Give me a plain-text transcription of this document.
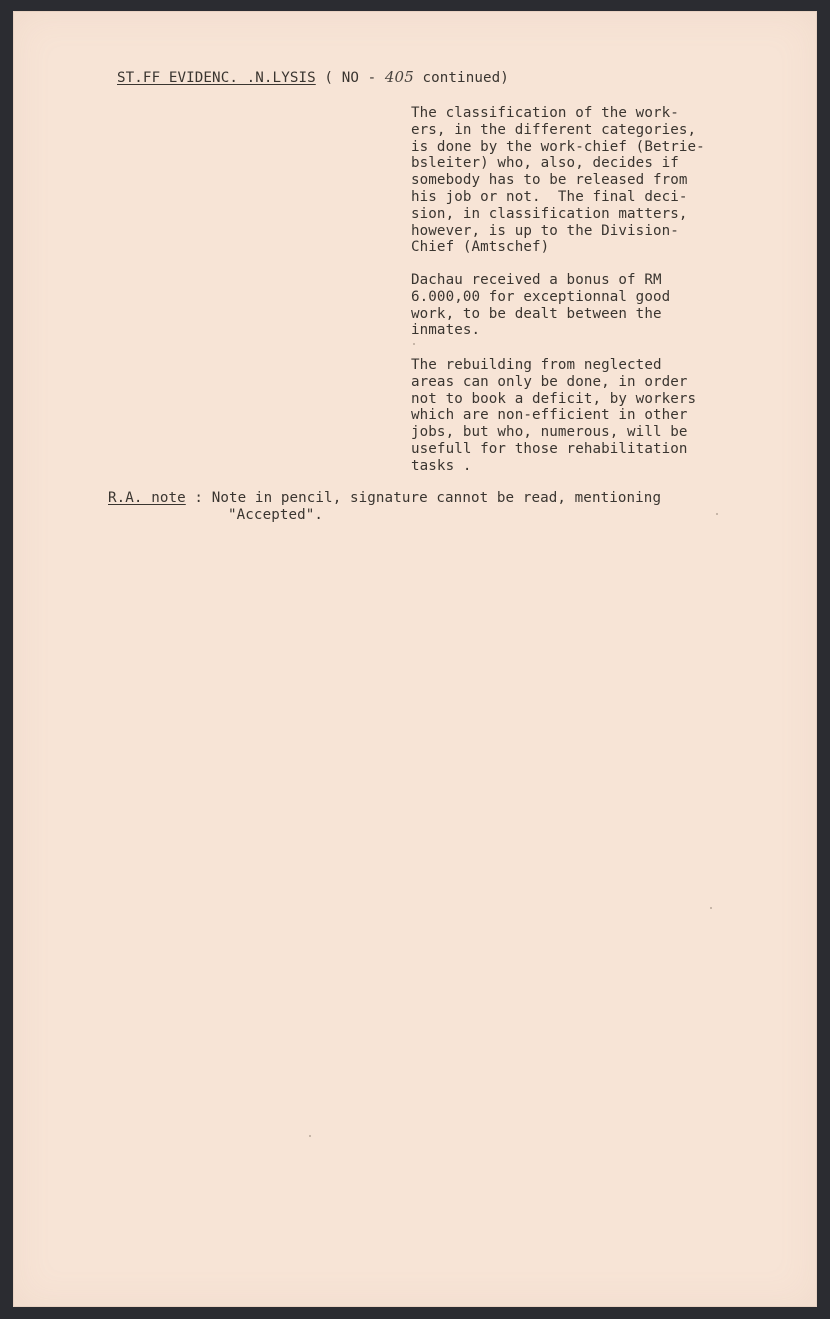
ST.FF EVIDENC. .N.LYSIS ( NO - 405 continued)
The classification of the work-
ers, in the different categories,
is done by the work-chief (Betrie-
bsleiter) who, also, decides if
somebody has to be released from
his job or not.  The final deci-
sion, in classification matters,
however, is up to the Division-
Chief (Amtschef)
Dachau received a bonus of RM
6.000,00 for exceptionnal good
work, to be dealt between the
inmates.
The rebuilding from neglected
areas can only be done, in order
not to book a deficit, by workers
which are non-efficient in other
jobs, but who, numerous, will be
usefull for those rehabilitation
tasks .
R.A. note : Note in pencil, signature cannot be read, mentioning
"Accepted".
